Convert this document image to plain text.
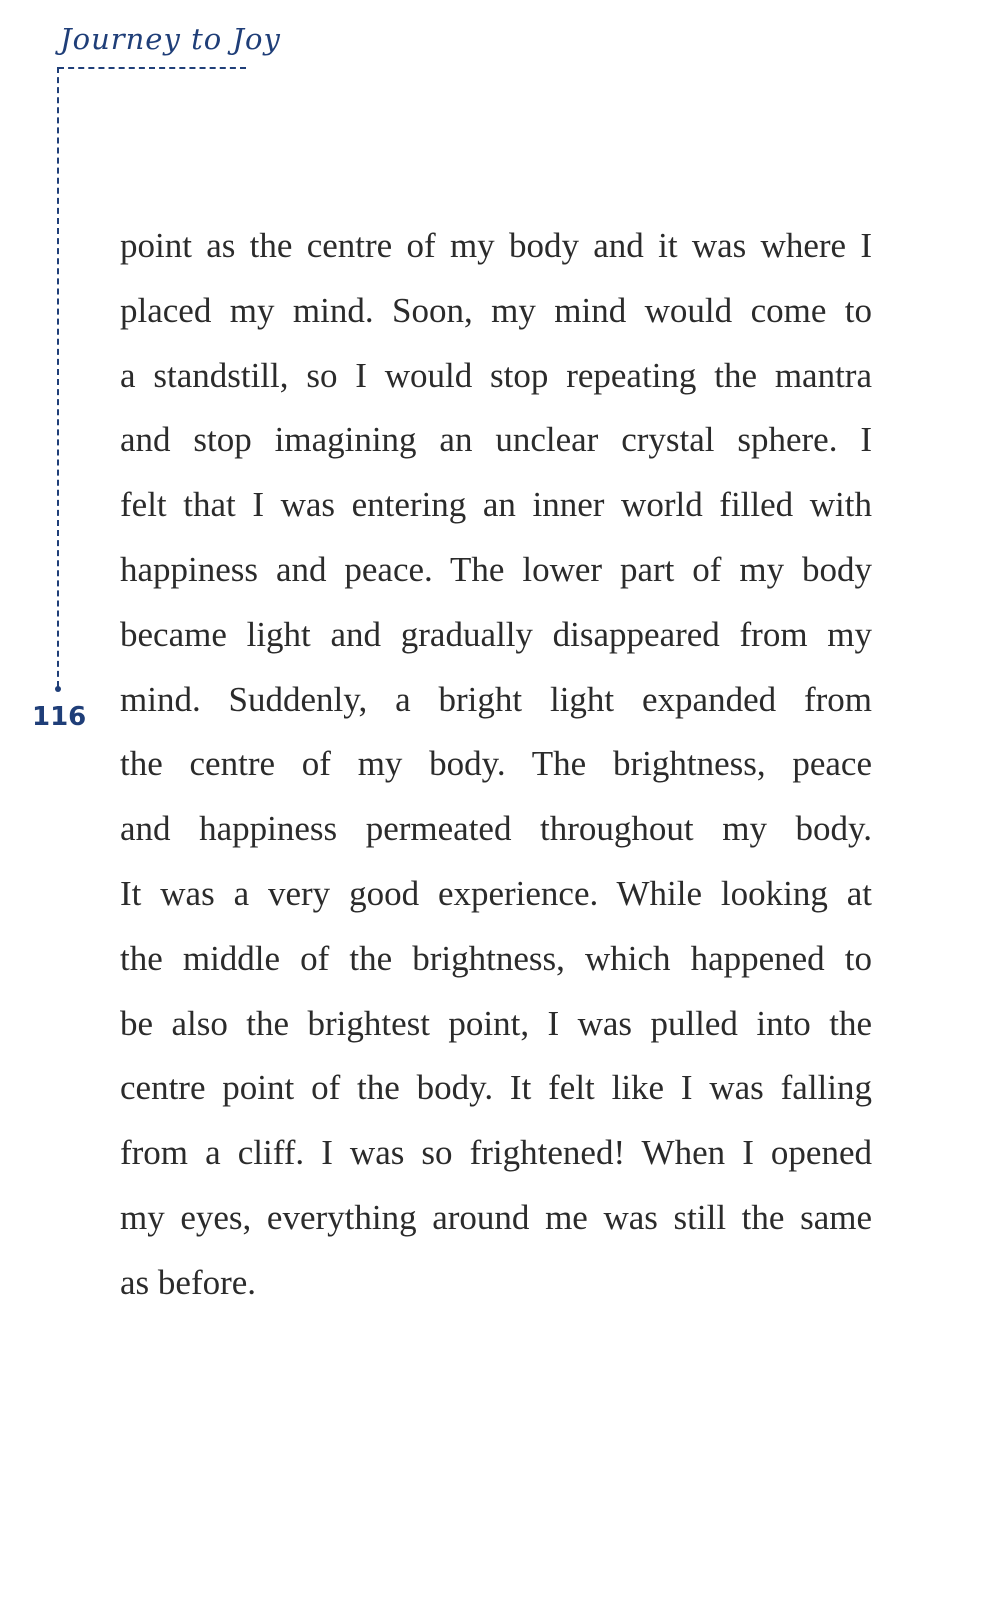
Journey to Joy
116
point as the centre of my body and it was where I
placed my mind. Soon, my mind would come to
a standstill, so I would stop repeating the mantra
and stop imagining an unclear crystal sphere. I
felt that I was entering an inner world filled with
happiness and peace. The lower part of my body
became light and gradually disappeared from my
mind. Suddenly, a bright light expanded from
the centre of my body. The brightness, peace
and happiness permeated throughout my body.
It was a very good experience. While looking at
the middle of the brightness, which happened to
be also the brightest point, I was pulled into the
centre point of the body. It felt like I was falling
from a cliff. I was so frightened! When I opened
my eyes, everything around me was still the same
as before.
